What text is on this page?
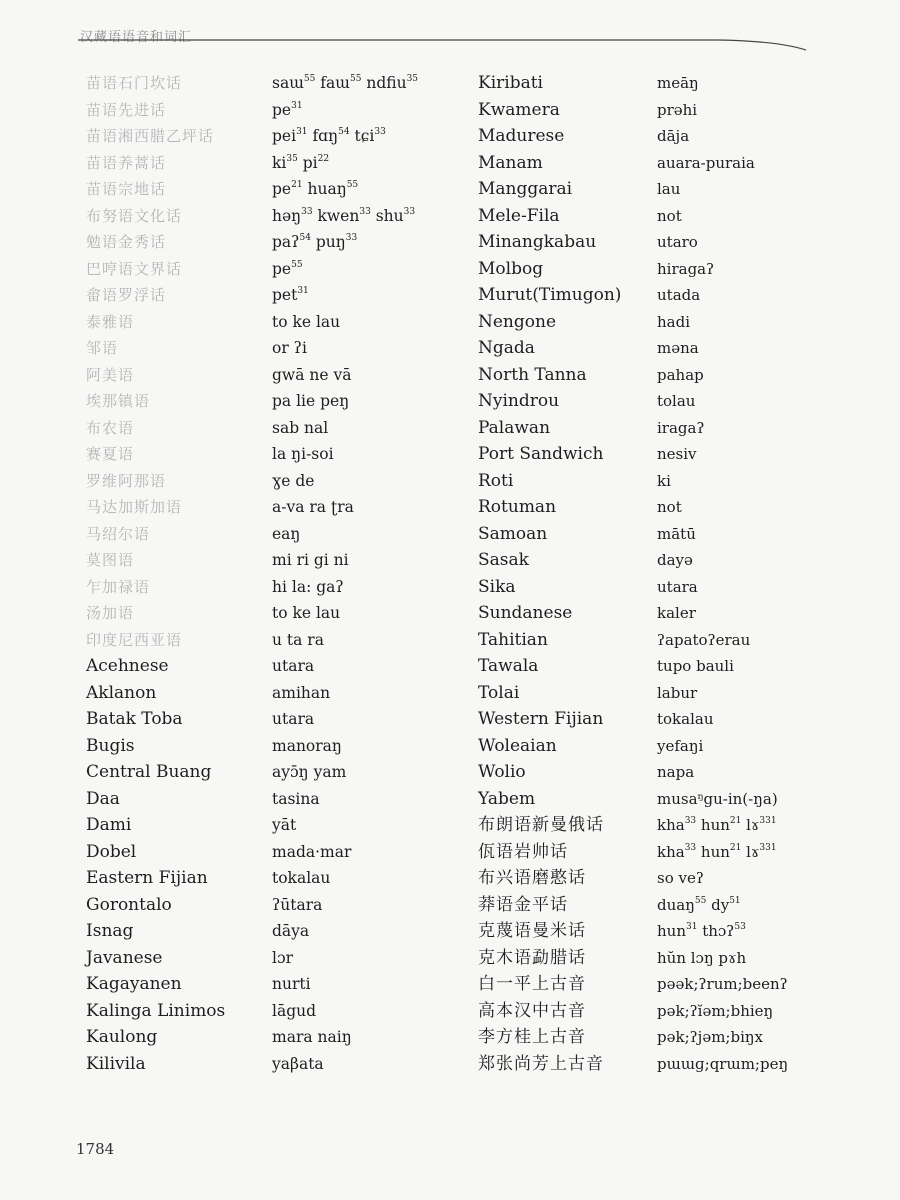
汉藏语语音和词汇
苗语石门坎话
苗语先进话
苗语湘西腊乙坪话
苗语养蒿话
苗语宗地话
布努语文化话
勉语金秀话
巴哼语文界话
畲语罗浮话
泰雅语
邹语
阿美语
埃那镇语
布农语
赛夏语
罗维阿那语
马达加斯加语
马绍尔语
莫图语
乍加禄语
汤加语
印度尼西亚语
Acehnese
Aklanon
Batak Toba
Bugis
Central Buang
Daa
Dami
Dobel
Eastern Fijian
Gorontalo
Isnag
Javanese
Kagayanen
Kalinga Linimos
Kaulong
Kilivila
saɯ$^{55}$ faɯ$^{55}$ ndfiu$^{35}$
$pe^{31}$
pei$^{31}$ fɑŋ$^{54}$ tɕi$^{33}$
$ki^{35}$ $pi^{22}$
$pe^{21}$ huaŋ$^{55}$
həŋ$^{33}$ kwen$^{33}$ shu$^{33}$
paʔ$^{54}$ puŋ$^{33}$
$pe^{55}$
pet$^{31}$
to ke lau
or ʔi
gwā ne vā
pa lie peŋ
sab nal
la ŋi-soi
ɣe de
a-va ra ʈra
eaŋ
mi ri gi ni
hi la: gaʔ
to ke lau
u ta ra
utara
amihan
utara
manoraŋ
ayɔ̄ŋ yam
tasina
yāt
mada·mar
tokalau
ʔūtara
dāya
lɔr
nurti
lāgud
mara naiŋ
yaβata
Kiribati
Kwamera
Madurese
Manam
Manggarai
Mele-Fila
Minangkabau
Molbog
Murut(Timugon)
Nengone
Ngada
North Tanna
Nyindrou
Palawan
Port Sandwich
Roti
Rotuman
Samoan
Sasak
Sika
Sundanese
Tahitian
Tawala
Tolai
Western Fijian
Woleaian
Wolio
Yabem
布朗语新曼俄话
佤语岩帅话
布兴语磨憨话
莽语金平话
克蔑语曼米话
克木语勐腊话
白一平上古音
高本汉中古音
李方桂上古音
郑张尚芳上古音
meāŋ
prəhi
dāja
auara-puraia
lau
not
utaro
hiragaʔ
utada
hadi
məna
pahap
tolau
iragaʔ
nesiv
ki
not
mātū
dayə
utara
kaler
ʔapatoʔerau
tupo bauli
labur
tokalau
yefaŋi
napa
musaᵑgu-in(-ŋa)
kha$^{33}$ hun$^{21}$ lɤ$^{331}$
kha$^{33}$ hun$^{21}$ lɤ$^{331}$
so veʔ
duaŋ$^{55}$ $dy^{51}$
hun$^{31}$ thɔʔ$^{53}$
hŭn lɔŋ pɤh
pəək;ʔrum;beenʔ
pək;ʔĭəm;bhieŋ
pək;ʔjəm;biŋx
pɯɯɡ;qrɯm;peŋ
1784
